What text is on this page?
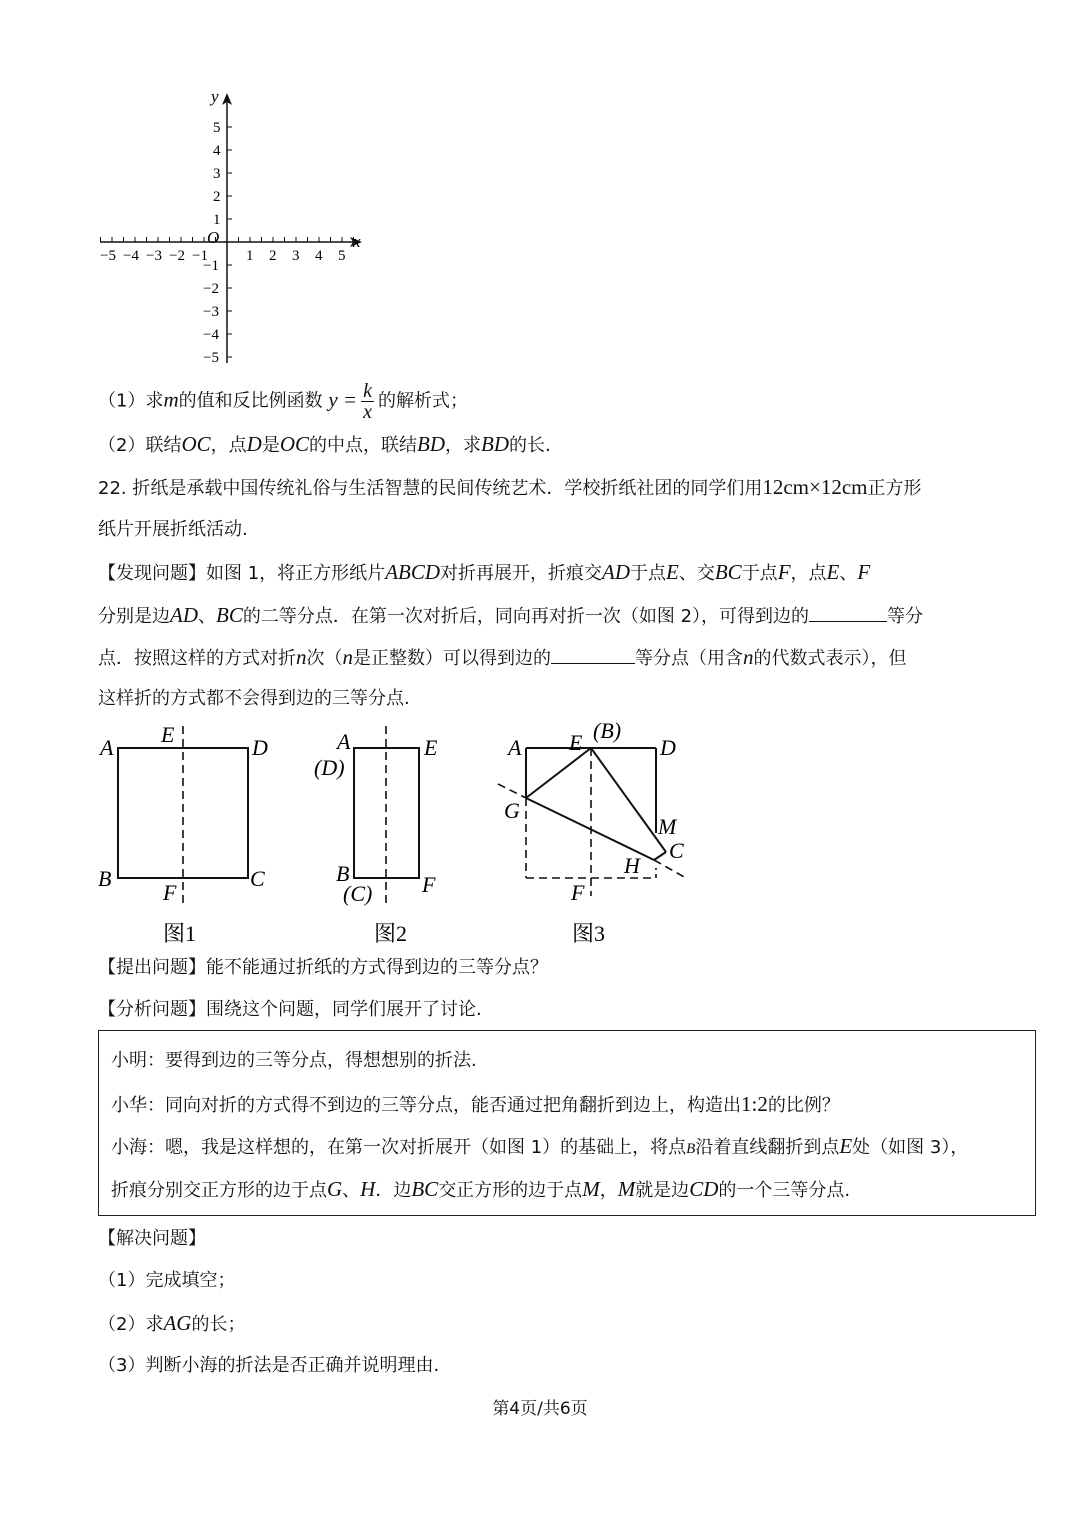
x
y
O
−5 −4 −3 −2 −1	1 2 3 4 5
5
4
3
2
1
−1
−2
−3
−4
−5
（1）求m的值和反比例函数 $y = \frac{k}{x}$ 的解析式；
（2）联结OC，点D是OC的中点，联结BD，求BD的长.
22. 折纸是承载中国传统礼俗与生活智慧的民间传统艺术．学校折纸社团的同学们用12cm×12cm正方形
纸片开展折纸活动.
【发现问题】如图 1，将正方形纸片ABCD对折再展开，折痕交AD于点E、交BC于点F，点E、F
分别是边AD、BC的二等分点．在第一次对折后，同向再对折一次（如图 2），可得到边的	等分
点．按照这样的方式对折n次（n是正整数）可以得到边的	等分点（用含n的代数式表示），但
这样折的方式都不会得到边的三等分点.
A
E
D
B
F
C
图1
A
(D)
E
B
(C) F
图2
A E (B)
D
G
M
C
H
F
图3
【提出问题】能不能通过折纸的方式得到边的三等分点？
【分析问题】围绕这个问题，同学们展开了讨论.
小明：要得到边的三等分点，得想想别的折法.
小华：同向对折的方式得不到边的三等分点，能否通过把角翻折到边上，构造出1:2的比例？
小海：嗯，我是这样想的，在第一次对折展开（如图 1）的基础上，将点B沿着直线翻折到点E处（如图 3），
折痕分别交正方形的边于点G、H．边BC交正方形的边于点M，M就是边CD的一个三等分点.
【解决问题】
（1）完成填空；
（2）求AG的长；
（3）判断小海的折法是否正确并说明理由.
第4页/共6页
